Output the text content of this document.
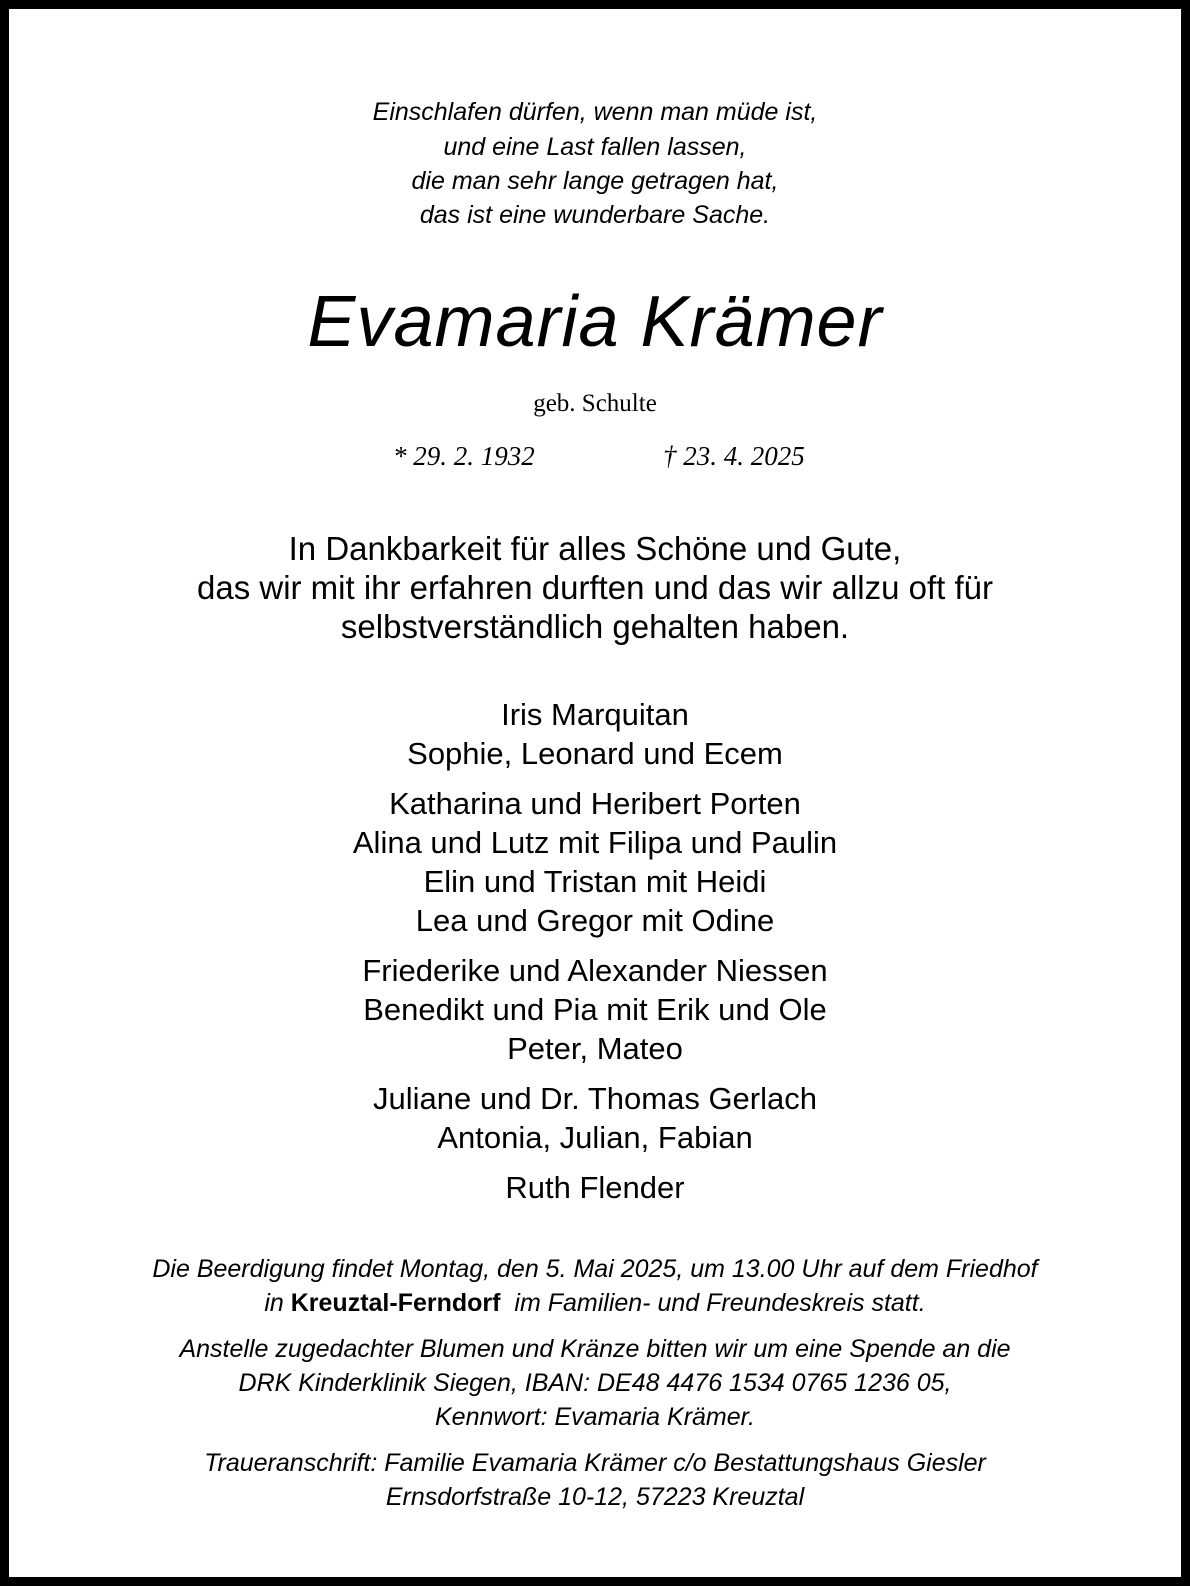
Einschlafen dürfen, wenn man müde ist,
und eine Last fallen lassen,
die man sehr lange getragen hat,
das ist eine wunderbare Sache.
Evamaria Krämer
geb. Schulte
* 29. 2. 1932	† 23. 4. 2025
In Dankbarkeit für alles Schöne und Gute,
das wir mit ihr erfahren durften und das wir allzu oft für
selbstverständlich gehalten haben.
Iris Marquitan
Sophie, Leonard und Ecem
Katharina und Heribert Porten
Alina und Lutz mit Filipa und Paulin
Elin und Tristan mit Heidi
Lea und Gregor mit Odine
Friederike und Alexander Niessen
Benedikt und Pia mit Erik und Ole
Peter, Mateo
Juliane und Dr. Thomas Gerlach
Antonia, Julian, Fabian
Ruth Flender
Die Beerdigung findet Montag, den 5. Mai 2025, um 13.00 Uhr auf dem Friedhof
in Kreuztal-Ferndorf im Familien- und Freundeskreis statt.
Anstelle zugedachter Blumen und Kränze bitten wir um eine Spende an die
DRK Kinderklinik Siegen, IBAN: DE48 4476 1534 0765 1236 05,
Kennwort: Evamaria Krämer.
Traueranschrift: Familie Evamaria Krämer c/o Bestattungshaus Giesler
Ernsdorfstraße 10-12, 57223 Kreuztal
